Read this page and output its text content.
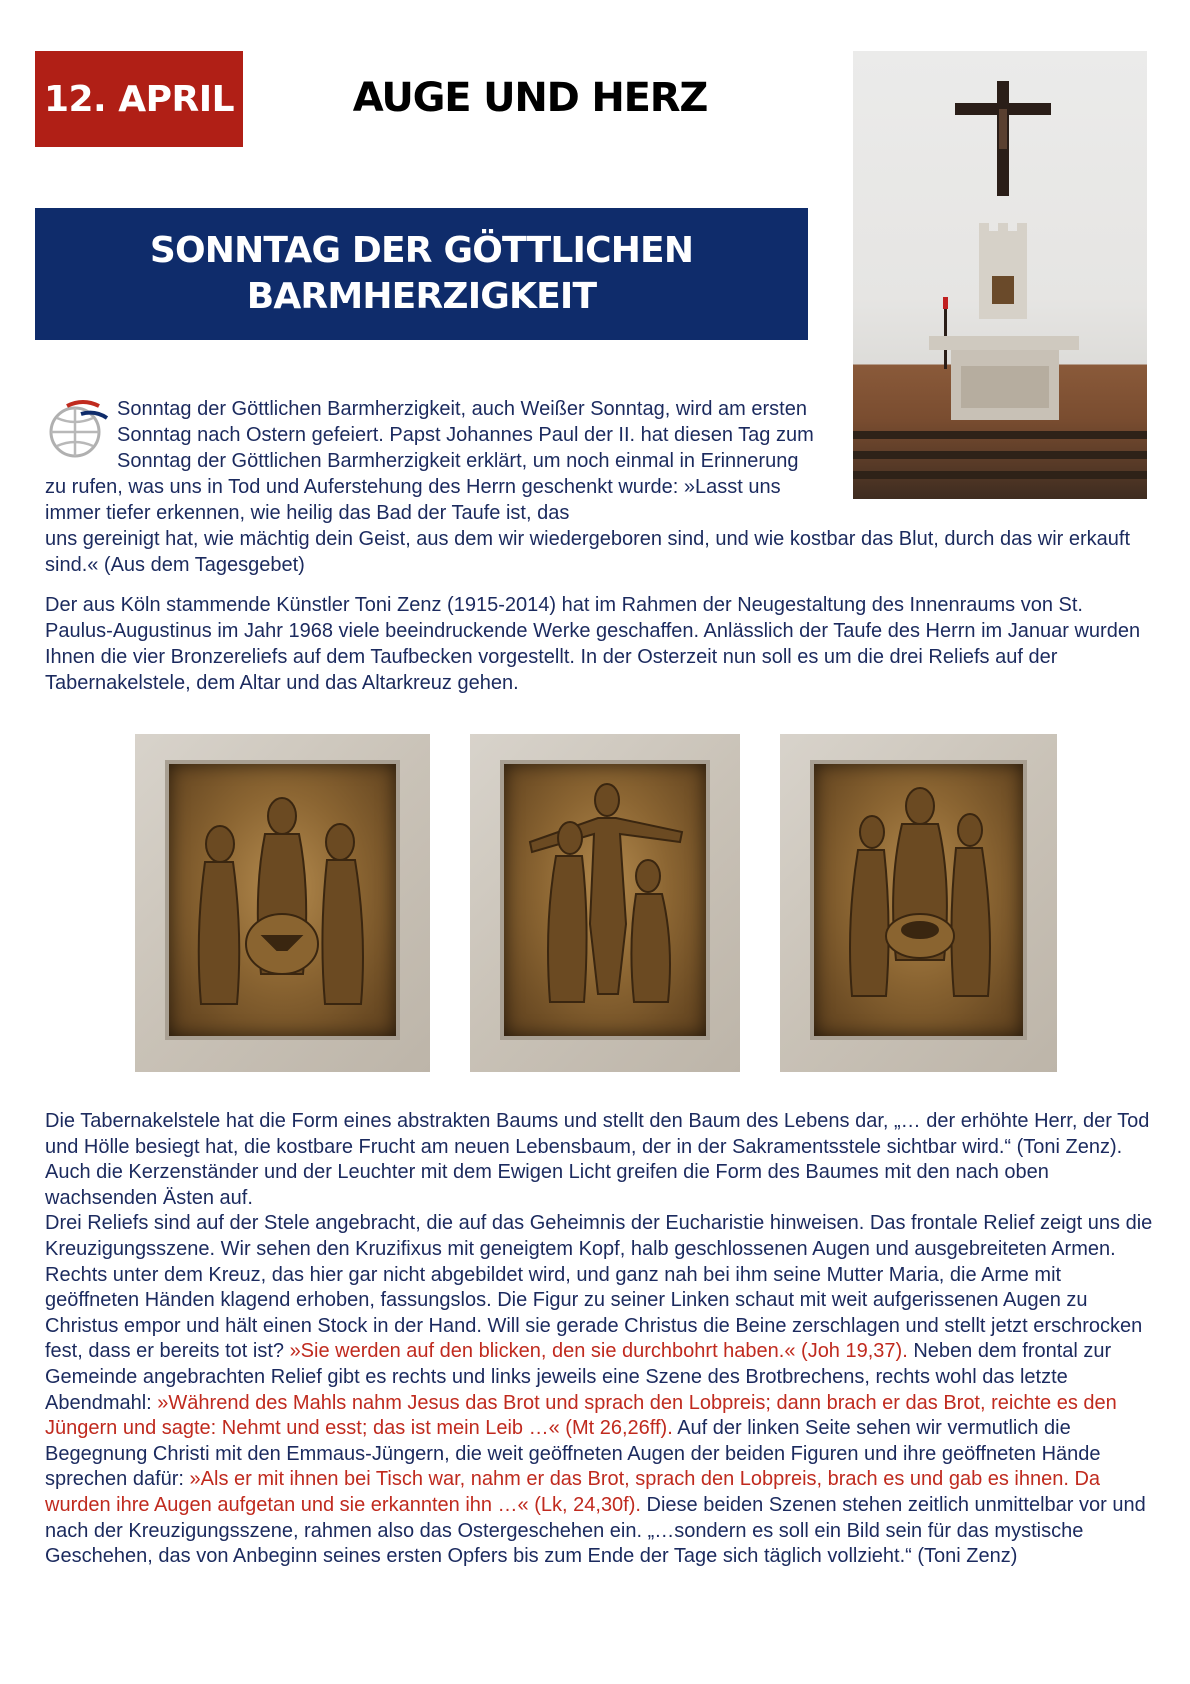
12. APRIL	AUGE UND HERZ
SONNTAG DER GÖTTLICHEN BARMHERZIGKEIT
Sonntag der Göttlichen Barmherzigkeit, auch Weißer Sonntag, wird am ersten Sonntag nach Ostern gefeiert. Papst Johannes Paul der II. hat diesen Tag zum Sonntag der Göttlichen Barmherzigkeit erklärt, um noch einmal in Erinnerung zu rufen, was uns in Tod und Auferstehung des Herrn geschenkt wurde: »Lasst uns immer tiefer erkennen, wie heilig das Bad der Taufe ist, das
uns gereinigt hat, wie mächtig dein Geist, aus dem wir wiedergeboren sind, und wie kostbar das Blut, durch das wir erkauft sind.« (Aus dem Tagesgebet)

Der aus Köln stammende Künstler Toni Zenz (1915-2014) hat im Rahmen der Neugestaltung des Innenraums von St. Paulus-Augustinus im Jahr 1968 viele beeindruckende Werke geschaffen. Anlässlich der Taufe des Herrn im Januar wurden Ihnen die vier Bronzereliefs auf dem Taufbecken vorgestellt. In der Osterzeit nun soll es um die drei Reliefs auf der Tabernakelstele, dem Altar und das Altarkreuz gehen.

Die Tabernakelstele hat die Form eines abstrakten Baums und stellt den Baum des Lebens dar, „… der erhöhte Herr, der Tod und Hölle besiegt hat, die kostbare Frucht am neuen Lebensbaum, der in der Sakramentsstele sichtbar wird.“ (Toni Zenz). Auch die Kerzenständer und der Leuchter mit dem Ewigen Licht greifen die Form des Baumes mit den nach oben wachsenden Ästen auf.
Drei Reliefs sind auf der Stele angebracht, die auf das Geheimnis der Eucharistie hinweisen. Das frontale Relief zeigt uns die Kreuzigungsszene. Wir sehen den Kruzifixus mit geneigtem Kopf, halb geschlossenen Augen und ausgebreiteten Armen. Rechts unter dem Kreuz, das hier gar nicht abgebildet wird, und ganz nah bei ihm seine Mutter Maria, die Arme mit geöffneten Händen klagend erhoben, fassungslos. Die Figur zu seiner Linken schaut mit weit aufgerissenen Augen zu Christus empor und hält einen Stock in der Hand. Will sie gerade Christus die Beine zerschlagen und stellt jetzt erschrocken fest, dass er bereits tot ist? »Sie werden auf den blicken, den sie durchbohrt haben.« (Joh 19,37). Neben dem frontal zur Gemeinde angebrachten Relief gibt es rechts und links jeweils eine Szene des Brotbrechens, rechts wohl das letzte Abendmahl: »Während des Mahls nahm Jesus das Brot und sprach den Lobpreis; dann brach er das Brot, reichte es den Jüngern und sagte: Nehmt und esst; das ist mein Leib …« (Mt 26,26ff). Auf der linken Seite sehen wir vermutlich die Begegnung Christi mit den Emmaus-Jüngern, die weit geöffneten Augen der beiden Figuren und ihre geöffneten Hände sprechen dafür: »Als er mit ihnen bei Tisch war, nahm er das Brot, sprach den Lobpreis, brach es und gab es ihnen. Da wurden ihre Augen aufgetan und sie erkannten ihn …« (Lk, 24,30f). Diese beiden Szenen stehen zeitlich unmittelbar vor und nach der Kreuzigungsszene, rahmen also das Ostergeschehen ein. „…sondern es soll ein Bild sein für das mystische Geschehen, das von Anbeginn seines ersten Opfers bis zum Ende der Tage sich täglich vollzieht.“ (Toni Zenz)
